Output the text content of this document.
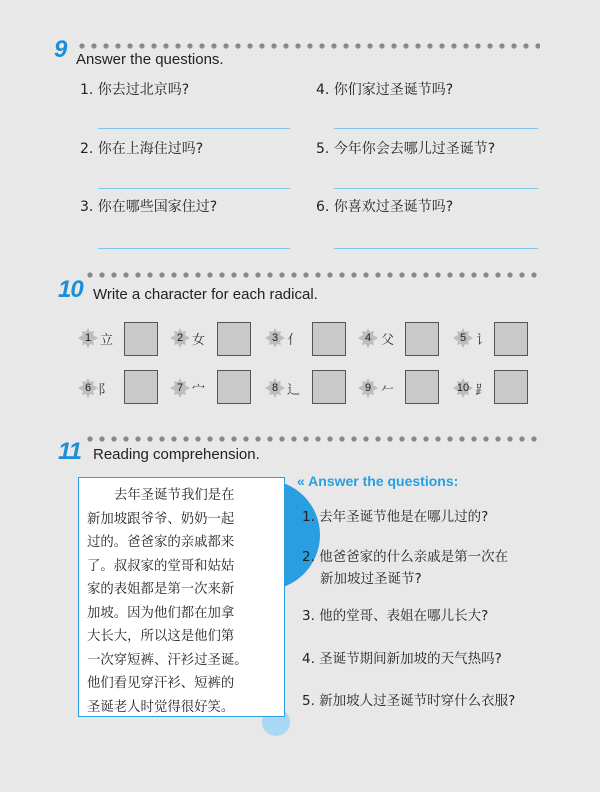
9 Answer the questions.
1. 你去过北京吗?
2. 你在上海住过吗?
3. 你在哪些国家住过?
4. 你们家过圣诞节吗?
5. 今年你会去哪儿过圣诞节?
6. 你喜欢过圣诞节吗?
10 Write a character for each radical.
1 立	2 女	3 亻	4 父	5 讠
6 阝	7 宀	8 辶	9 𠂉	10 ⻊
11 Reading comprehension.
去年圣诞节我们是在
新加坡跟爷爷、奶奶一起
过的。爸爸家的亲戚都来
了。叔叔家的堂哥和姑姑
家的表姐都是第一次来新
加坡。因为他们都在加拿
大长大，所以这是他们第
一次穿短裤、汗衫过圣诞。
他们看见穿汗衫、短裤的
圣诞老人时觉得很好笑。
« Answer the questions:
1. 去年圣诞节他是在哪儿过的?
2. 他爸爸家的什么亲戚是第一次在
新加坡过圣诞节?
3. 他的堂哥、表姐在哪儿长大?
4. 圣诞节期间新加坡的天气热吗?
5. 新加坡人过圣诞节时穿什么衣服?
